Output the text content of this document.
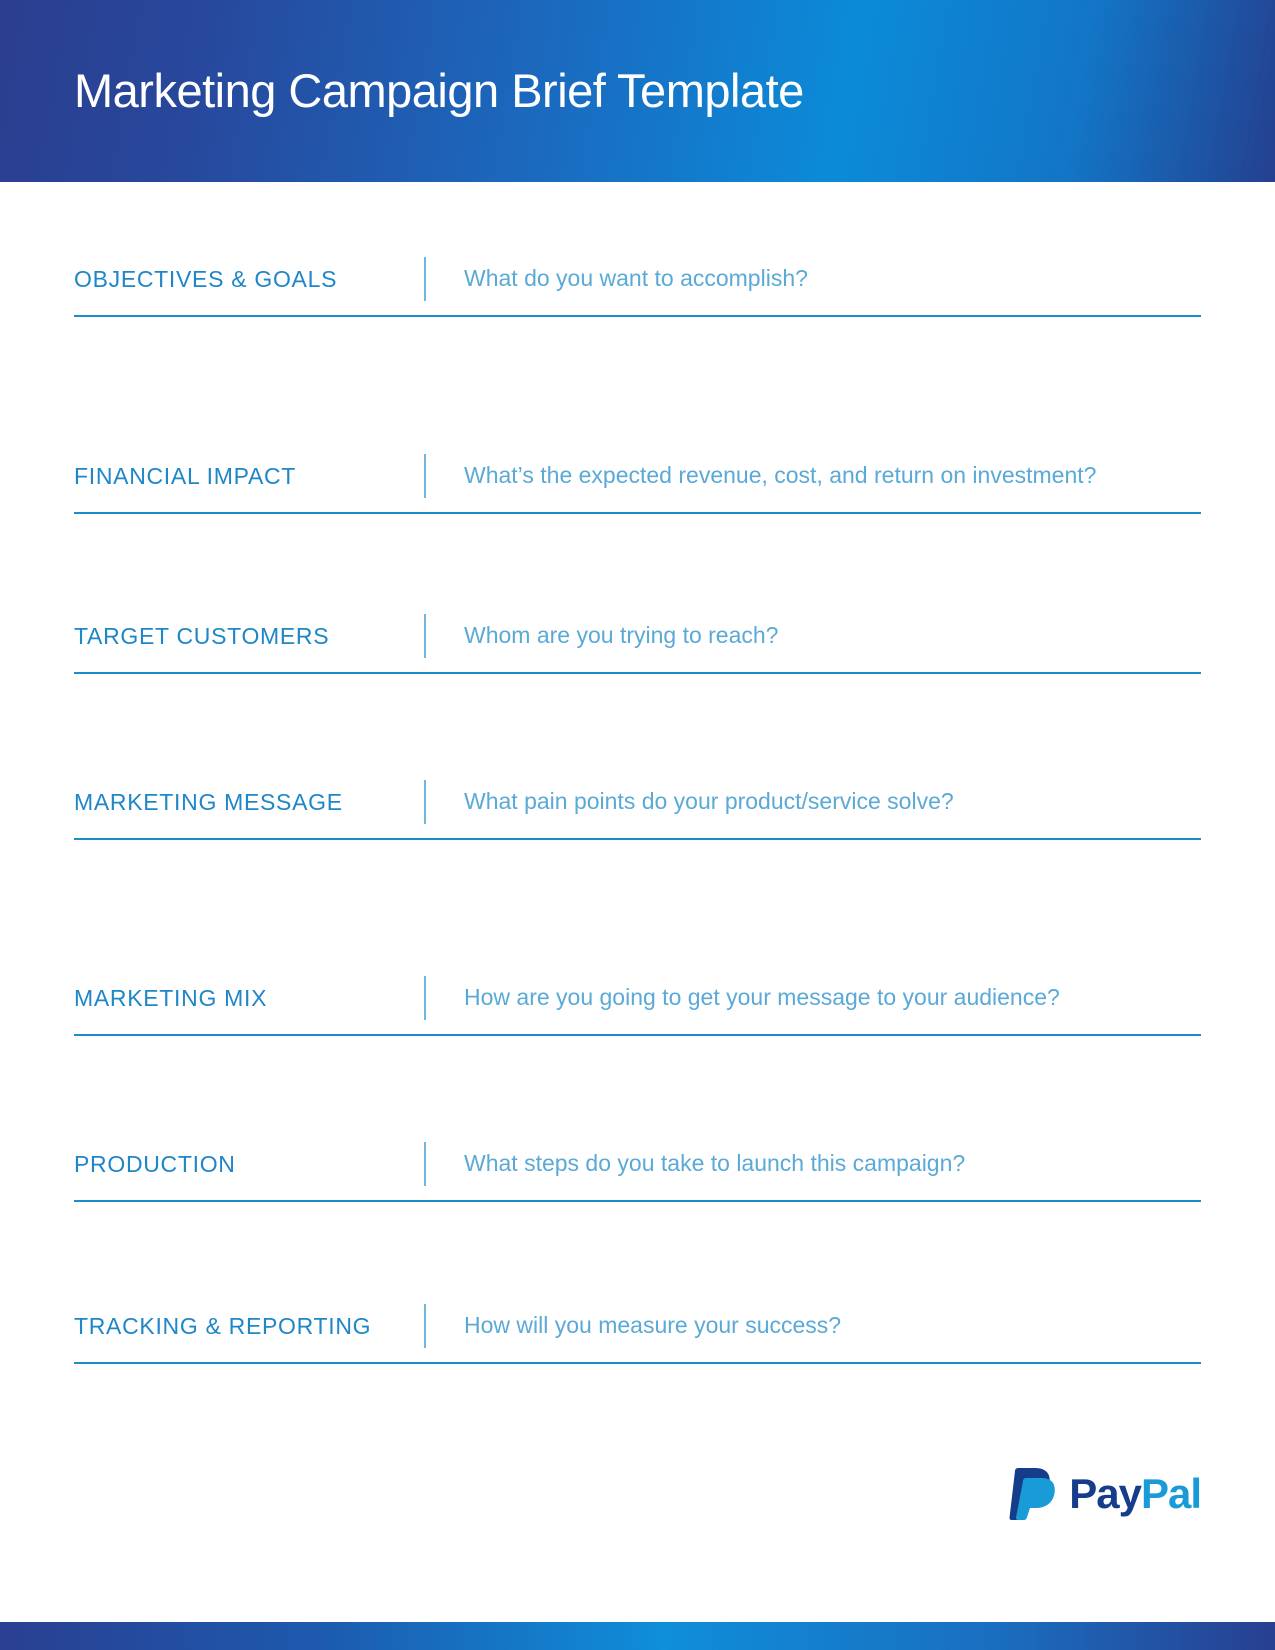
Marketing Campaign Brief Template
OBJECTIVES & GOALS	What do you want to accomplish?
FINANCIAL IMPACT	What’s the expected revenue, cost, and return on investment?
TARGET CUSTOMERS	Whom are you trying to reach?
MARKETING MESSAGE	What pain points do your product/service solve?
MARKETING MIX	How are you going to get your message to your audience?
PRODUCTION	What steps do you take to launch this campaign?
TRACKING & REPORTING	How will you measure your success?
Pay Pal
